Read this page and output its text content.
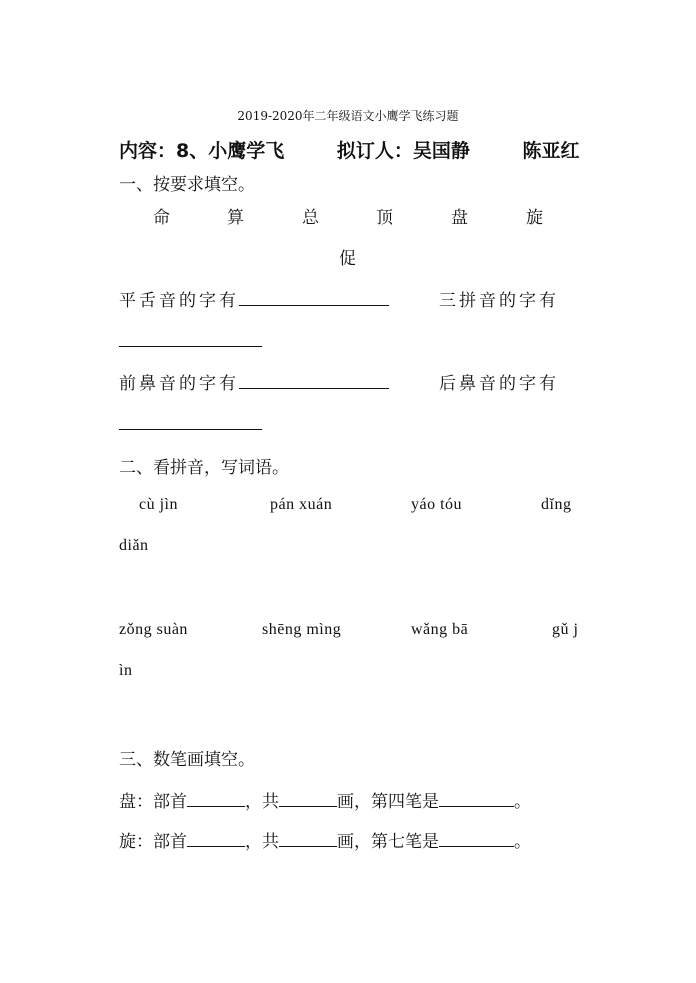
2019-2020年二年级语文小鹰学飞练习题
内容：8、小鹰学飞	拟订人：吴国静	陈亚红
一、按要求填空。
命	算	总	顶	盘	旋
促
平舌音的字有	三拼音的字有
前鼻音的字有	后鼻音的字有
二、看拼音，写词语。
cù jìn	pán xuán	yáo tóu	dǐng
diǎn
zǒng suàn	shēng mìng	wǎng bā	gǔ j
ìn
三、数笔画填空。
盘：部首	，共	画，第四笔是	。
旋：部首	，共	画，第七笔是	。
